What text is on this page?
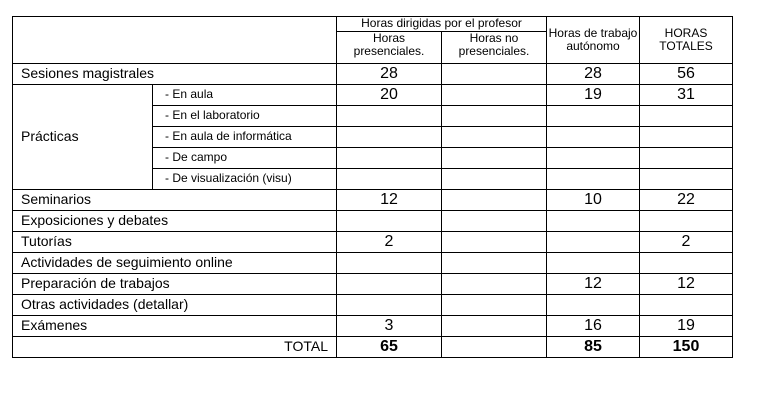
		Horas dirigidas por el profesor		Horas de trabajo autónomo	HORAS TOTALES
		Horas presenciales.	Horas no presenciales.		
Sesiones magistrales		28		28	56
Prácticas	- En aula	20		19	31
	- En el laboratorio				
	- En aula de informática				
	- De campo				
	- De visualización (visu)				
Seminarios		12		10	22
Exposiciones y debates					
Tutorías		2			2
Actividades de seguimiento online					
Preparación de trabajos				12	12
Otras actividades (detallar)					
Exámenes		3		16	19
TOTAL		65		85	150
